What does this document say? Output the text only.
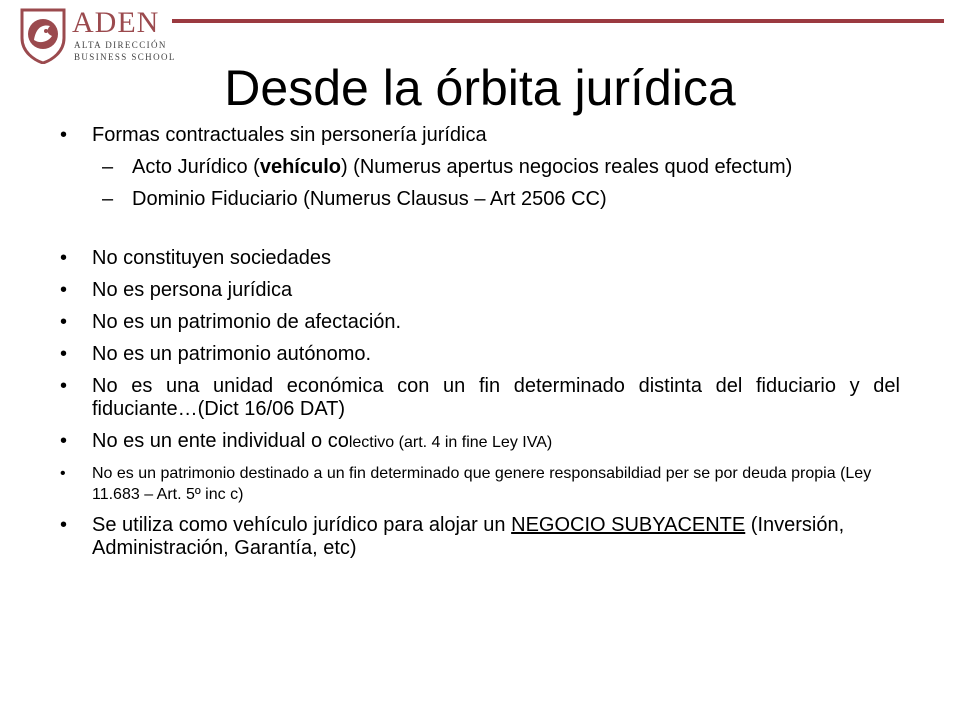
ADEN
ALTA DIRECCIÓN
BUSINESS SCHOOL
Desde la órbita jurídica
•	Formas contractuales sin personería jurídica
– Acto Jurídico (vehículo) (Numerus apertus negocios reales quod efectum)
– Dominio Fiduciario (Numerus Clausus – Art 2506 CC)
•	No constituyen sociedades
•	No es persona jurídica
•	No es un patrimonio de afectación.
•	No es un patrimonio autónomo.
•	No es una unidad económica con un fin determinado distinta del fiduciario y del fiduciante…(Dict 16/06 DAT)
•	No es un ente individual o colectivo (art. 4 in fine Ley IVA)
•	No es un patrimonio destinado a un fin determinado que genere responsabildiad per se por deuda propia (Ley 11.683 – Art. 5º inc c)
•	Se utiliza como vehículo jurídico para alojar un NEGOCIO SUBYACENTE (Inversión, Administración, Garantía, etc)
